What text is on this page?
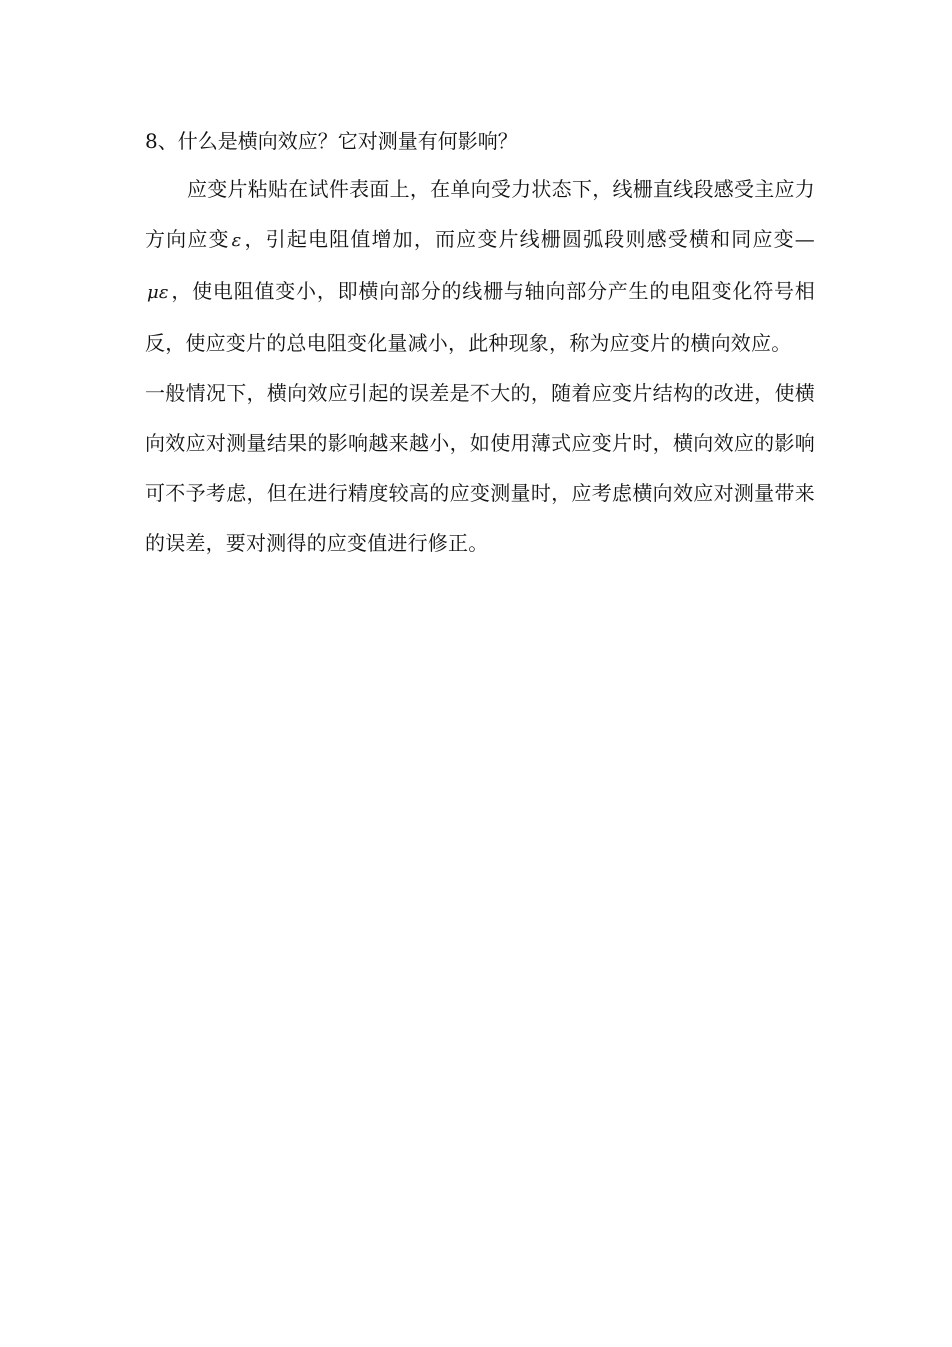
8、什么是横向效应？它对测量有何影响？

应变片粘贴在试件表面上，在单向受力状态下，线栅直线段感受主应力方向应变 ε ，引起电阻值增加，而应变片线栅圆弧段则感受横和同应变—με ，使电阻值变小，即横向部分的线栅与轴向部分产生的电阻变化符号相反，使应变片的总电阻变化量减小，此种现象，称为应变片的横向效应。

一般情况下，横向效应引起的误差是不大的，随着应变片结构的改进，使横向效应对测量结果的影响越来越小，如使用薄式应变片时，横向效应的影响可不予考虑，但在进行精度较高的应变测量时，应考虑横向效应对测量带来的误差，要对测得的应变值进行修正。
